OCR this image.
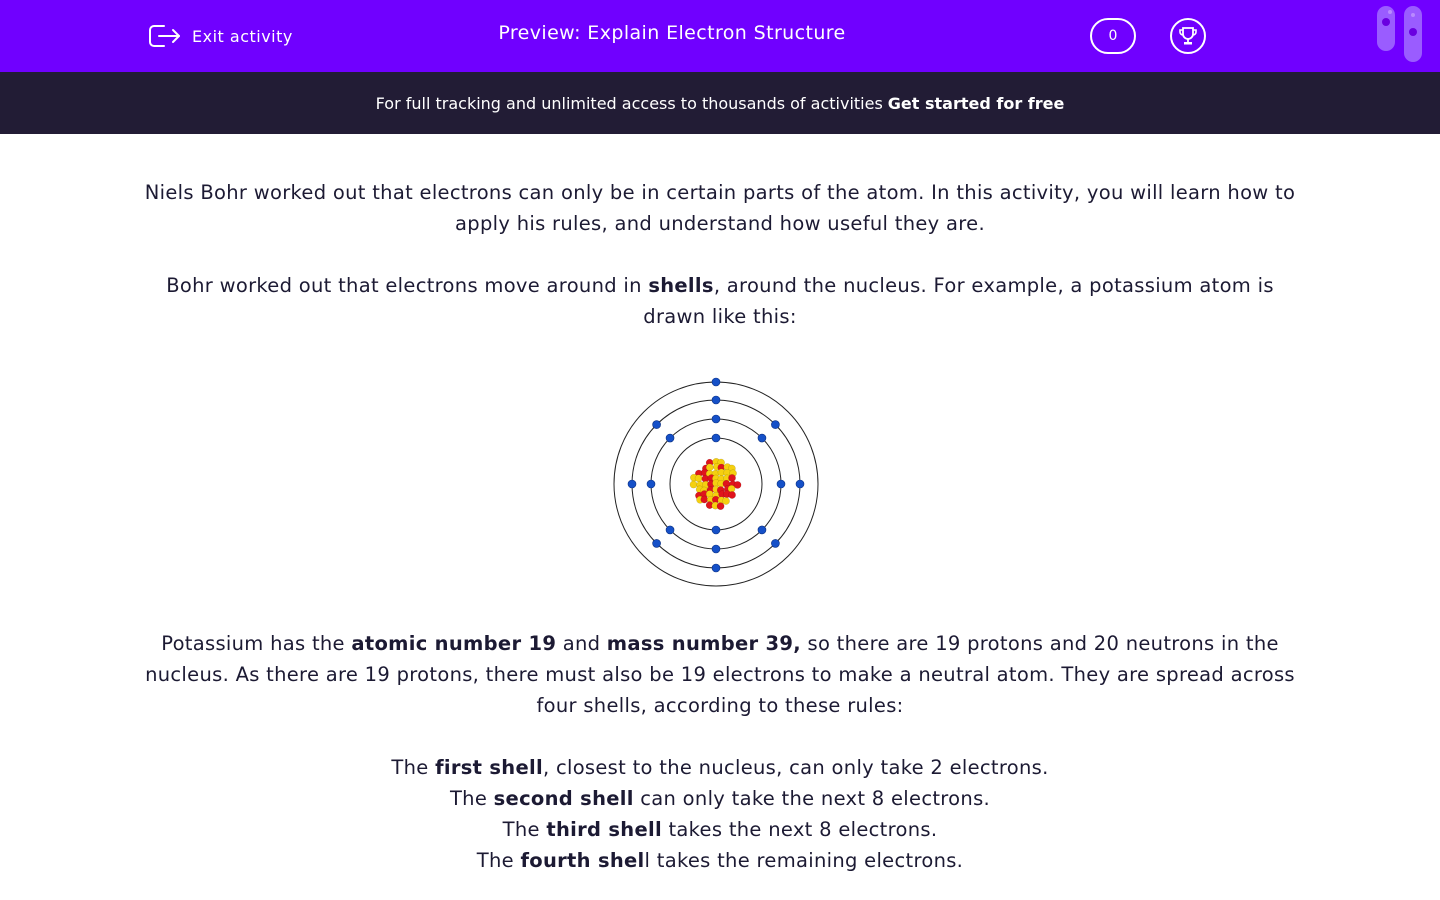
Exit activity	Preview: Explain Electron Structure	0
For full tracking and unlimited access to thousands of activities Get started for free

Niels Bohr worked out that electrons can only be in certain parts of the atom. In this activity, you will learn how to apply his rules, and understand how useful they are.

Bohr worked out that electrons move around in shells, around the nucleus. For example, a potassium atom is drawn like this:

Potassium has the atomic number 19 and mass number 39, so there are 19 protons and 20 neutrons in the nucleus. As there are 19 protons, there must also be 19 electrons to make a neutral atom. They are spread across four shells, according to these rules:

The first shell, closest to the nucleus, can only take 2 electrons.

The second shell can only take the next 8 electrons.

The third shell takes the next 8 electrons.

The fourth shell takes the remaining electrons.
